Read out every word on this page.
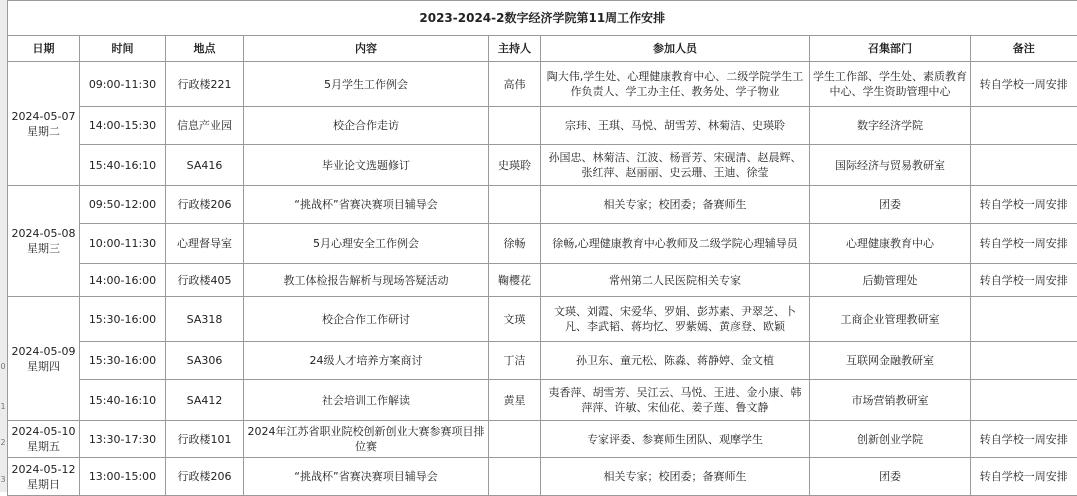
0
1
2
3
2023-2024-2数字经济学院第11周工作安排							
日期	时间	地点	内容	主持人	参加人员	召集部门	备注

2024-05-07
星期二	09:00-11:30	行政楼221	5月学生工作例会	高伟	陶大伟,学生处、心理健康教育中心、二级学院学生工作负责人、学工办主任、教务处、学子物业	学生工作部、学生处、素质教育中心、学生资助管理中心	转自学校一周安排
	14:00-15:30	信息产业园	校企合作走访		宗玮、王琪、马悦、胡雪芳、林菊洁、史瑛聆	数字经济学院	
	15:40-16:10	SA416	毕业论文选题修订	史瑛聆	孙国忠、林菊洁、江波、杨晋芳、宋砚清、赵晨辉、张红萍、赵丽丽、史云珊、王迪、徐莹	国际经济与贸易教研室	

2024-05-08
星期三	09:50-12:00	行政楼206	“挑战杯”省赛决赛项目辅导会		相关专家；校团委；备赛师生	团委	转自学校一周安排
	10:00-11:30	心理督导室	5月心理安全工作例会	徐畅	徐畅,心理健康教育中心教师及二级学院心理辅导员	心理健康教育中心	转自学校一周安排
	14:00-16:00	行政楼405	教工体检报告解析与现场答疑活动	鞠樱花	常州第二人民医院相关专家	后勤管理处	转自学校一周安排

2024-05-09
星期四	15:30-16:00	SA318	校企合作工作研讨	文瑛	文瑛、刘霞、宋爱华、罗娟、彭苏素、尹翠芝、卜凡、李武韬、蒋均忆、罗紫嫣、黄彦登、欧颖	工商企业管理教研室	
	15:30-16:00	SA306	24级人才培养方案商讨	丁洁	孙卫东、童元松、陈淼、蒋静婷、金文植	互联网金融教研室	
	15:40-16:10	SA412	社会培训工作解读	黄星	夷香萍、胡雪芳、吴江云、马悦、王进、金小康、韩萍萍、许敏、宋仙花、姜子莲、鲁文静	市场营销教研室	

2024-05-10
星期五	13:30-17:30	行政楼101	2024年江苏省职业院校创新创业大赛参赛项目排位赛		专家评委、参赛师生团队、观摩学生	创新创业学院	转自学校一周安排

2024-05-12
星期日	13:00-15:00	行政楼206	“挑战杯”省赛决赛项目辅导会		相关专家；校团委；备赛师生	团委	转自学校一周安排
